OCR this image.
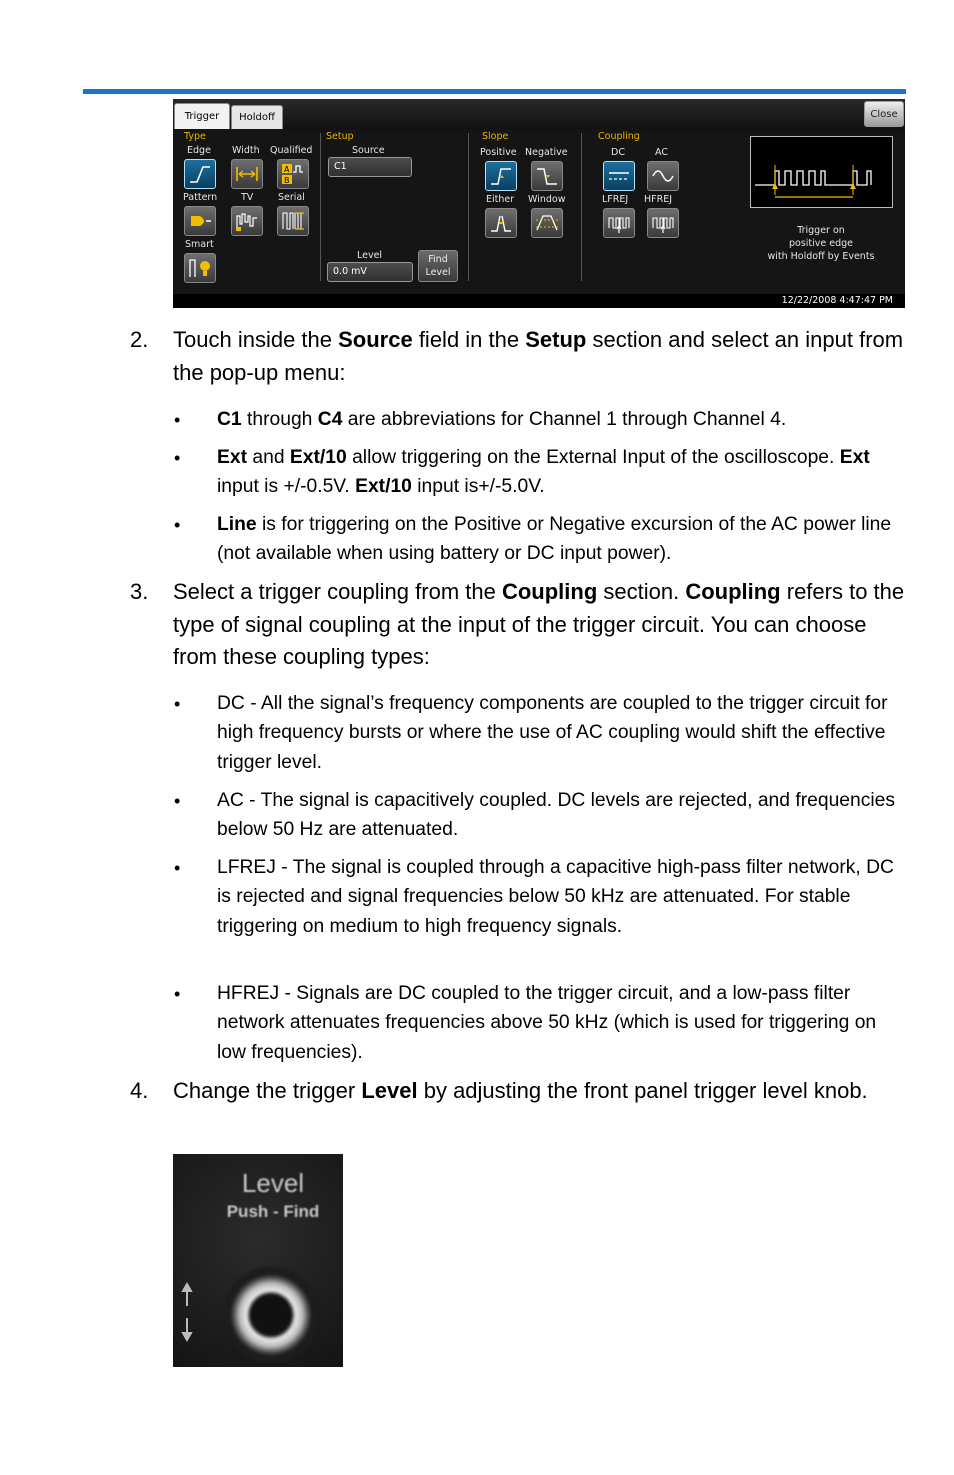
Trigger	Holdoff	Close
Type
Edge Width Qualified
A
B
Pattern	TV	Serial
Smart
Setup
Source
C1
Level
0.0 mV
Find
Level
Slope
Positive Negative
Either Window
Coupling
DC	AC
LFREJ HFREJ
Trigger on
positive edge
with Holdoff by Events
12/22/2008 4:47:47 PM
2. Touch inside the Source field in the Setup section and select an input from the pop-up menu:
• C1 through C4 are abbreviations for Channel 1 through Channel 4.
• Ext and Ext/10 allow triggering on the External Input of the oscilloscope. Ext input is +/-0.5V. Ext/10 input is+/-5.0V.
• Line is for triggering on the Positive or Negative excursion of the AC power line (not available when using battery or DC input power).
3. Select a trigger coupling from the Coupling section. Coupling refers to the type of signal coupling at the input of the trigger circuit. You can choose from these coupling types:
• DC - All the signal’s frequency components are coupled to the trigger circuit for high frequency bursts or where the use of AC coupling would shift the effective trigger level.
• AC - The signal is capacitively coupled. DC levels are rejected, and frequencies below 50 Hz are attenuated.
• LFREJ - The signal is coupled through a capacitive high-pass filter network, DC is rejected and signal frequencies below 50 kHz are attenuated. For stable triggering on medium to high frequency signals.
• HFREJ - Signals are DC coupled to the trigger circuit, and a low-pass filter network attenuates frequencies above 50 kHz (which is used for triggering on low frequencies).
4. Change the trigger Level by adjusting the front panel trigger level knob.
Level
Push - Find
